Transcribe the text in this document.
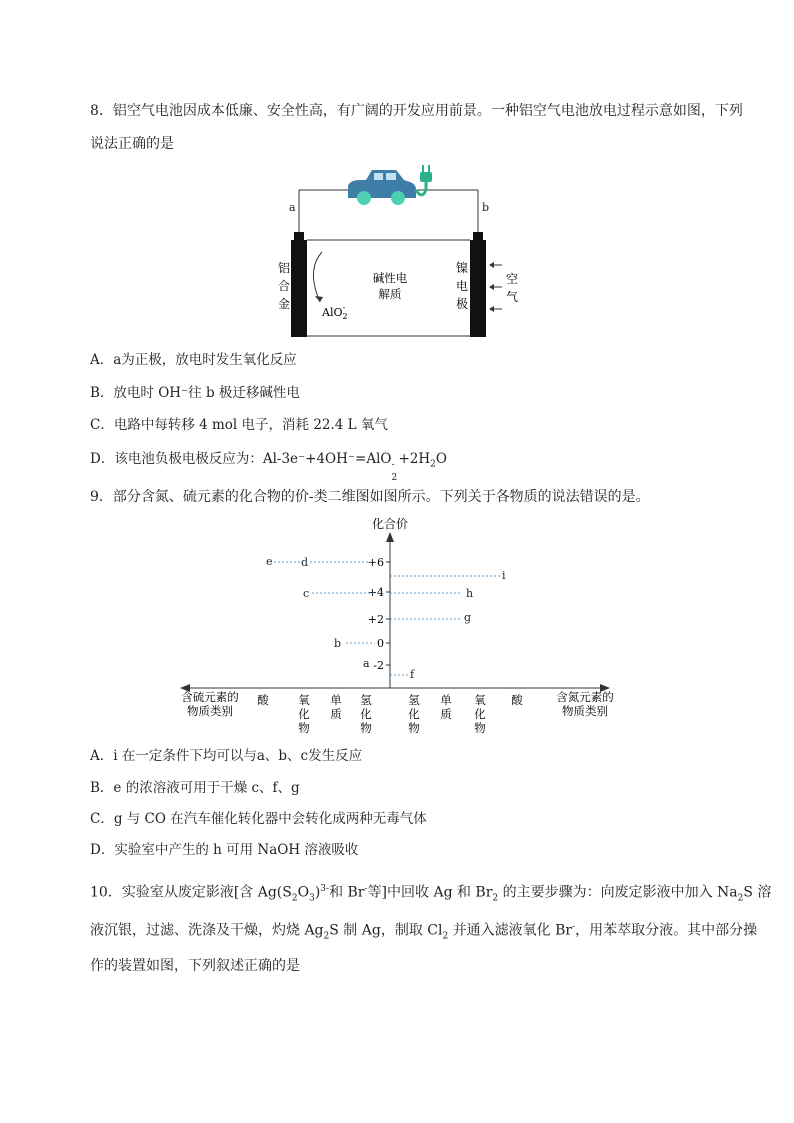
8．铝空气电池因成本低廉、安全性高，有广阔的开发应用前景。一种铝空气电池放电过程示意如图，下列
说法正确的是
a	b
铝
合
金
碱性电
解质
镍
电
极
AlO$_2$-
空
气
A．a为正极，放电时发生氧化反应
B．放电时 OH⁻往 b 极迁移碱性电
C．电路中每转移 4 mol 电子，消耗 22.4 L 氧气
D．该电池负极电极反应为：Al-3e⁻+4OH⁻=AlO -
2
$+2H_2O$
9．部分含氮、硫元素的化合物的价-类二维图如图所示。下列关于各物质的说法错误的是。
化合价
+6
+4
+2
0
-2
e	d
c
b
a
i
h
g
f
含硫元素的
物质类别
含氮元素的
物质类别
酸	氧
化
物
单
质
氢
化
物
氢
化
物
单
质
氧
化
物
酸
A．i 在一定条件下均可以与a、b、c发生反应
B．e 的浓溶液可用于干燥 c、f、g
C．g 与 CO 在汽车催化转化器中会转化成两种无毒气体
D．实验室中产生的 h 可用 NaOH 溶液吸收
10．实验室从废定影液[含 $Ag(S_2O_3)^{3-}$和 Br-等]中回收 Ag 和 $Br_2$ 的主要步骤为：向废定影液中加入 $Na_2S$ 溶
液沉银，过滤、洗涤及干燥，灼烧 $Ag_2S$ 制 Ag，制取 $Cl_2$ 并通入滤液氧化 Br-，用苯萃取分液。其中部分操
作的装置如图，下列叙述正确的是
